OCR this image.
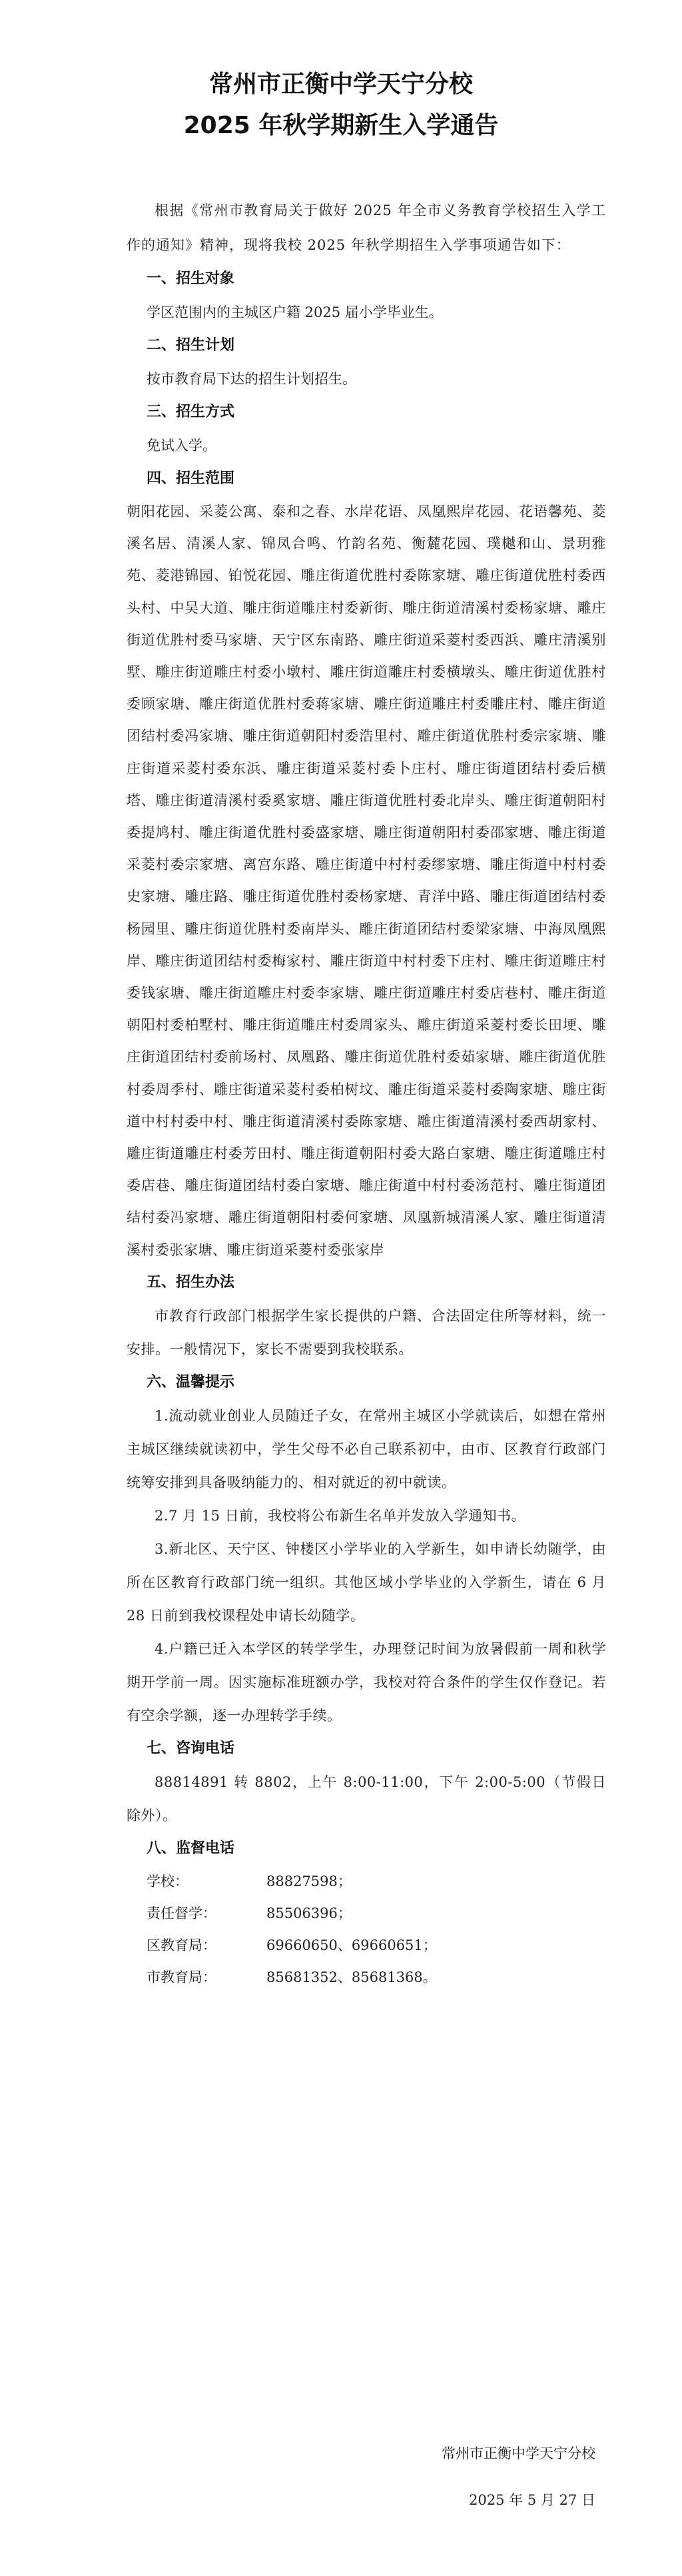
常州市正衡中学天宁分校
2025 年秋学期新生入学通告

根据《常州市教育局关于做好 2025 年全市义务教育学校招生入学工作的通知》精神，现将我校 2025 年秋学期招生入学事项通告如下：

一、招生对象

学区范围内的主城区户籍 2025 届小学毕业生。

二、招生计划

按市教育局下达的招生计划招生。

三、招生方式

免试入学。

四、招生范围

朝阳花园、采菱公寓、泰和之春、水岸花语、凤凰熙岸花园、花语馨苑、菱溪名居、清溪人家、锦凤合鸣、竹韵名苑、衡麓花园、璞樾和山、景玥雅苑、菱港锦园、铂悦花园、雕庄街道优胜村委陈家塘、雕庄街道优胜村委西头村、中吴大道、雕庄街道雕庄村委新街、雕庄街道清溪村委杨家塘、雕庄街道优胜村委马家塘、天宁区东南路、雕庄街道采菱村委西浜、雕庄清溪别墅、雕庄街道雕庄村委小墩村、雕庄街道雕庄村委横墩头、雕庄街道优胜村委顾家塘、雕庄街道优胜村委蒋家塘、雕庄街道雕庄村委雕庄村、雕庄街道团结村委冯家塘、雕庄街道朝阳村委浩里村、雕庄街道优胜村委宗家塘、雕庄街道采菱村委东浜、雕庄街道采菱村委卜庄村、雕庄街道团结村委后横塔、雕庄街道清溪村委奚家塘、雕庄街道优胜村委北岸头、雕庄街道朝阳村委提鸠村、雕庄街道优胜村委盛家塘、雕庄街道朝阳村委邵家塘、雕庄街道采菱村委宗家塘、离宫东路、雕庄街道中村村委缪家塘、雕庄街道中村村委史家塘、雕庄路、雕庄街道优胜村委杨家塘、青洋中路、雕庄街道团结村委杨园里、雕庄街道优胜村委南岸头、雕庄街道团结村委梁家塘、中海凤凰熙岸、雕庄街道团结村委梅家村、雕庄街道中村村委下庄村、雕庄街道雕庄村委钱家塘、雕庄街道雕庄村委李家塘、雕庄街道雕庄村委店巷村、雕庄街道朝阳村委柏墅村、雕庄街道雕庄村委周家头、雕庄街道采菱村委长田埂、雕庄街道团结村委前场村、凤凰路、雕庄街道优胜村委茹家塘、雕庄街道优胜村委周季村、雕庄街道采菱村委柏树坟、雕庄街道采菱村委陶家塘、雕庄街道中村村委中村、雕庄街道清溪村委陈家塘、雕庄街道清溪村委西胡家村、雕庄街道雕庄村委芳田村、雕庄街道朝阳村委大路白家塘、雕庄街道雕庄村委店巷、雕庄街道团结村委白家塘、雕庄街道中村村委汤范村、雕庄街道团结村委冯家塘、雕庄街道朝阳村委何家塘、凤凰新城清溪人家、雕庄街道清溪村委张家塘、雕庄街道采菱村委张家岸

五、招生办法

市教育行政部门根据学生家长提供的户籍、合法固定住所等材料，统一安排。一般情况下，家长不需要到我校联系。

六、温馨提示

1.流动就业创业人员随迁子女，在常州主城区小学就读后，如想在常州主城区继续就读初中，学生父母不必自己联系初中，由市、区教育行政部门统筹安排到具备吸纳能力的、相对就近的初中就读。

2.7 月 15 日前，我校将公布新生名单并发放入学通知书。

3.新北区、天宁区、钟楼区小学毕业的入学新生，如申请长幼随学，由所在区教育行政部门统一组织。其他区域小学毕业的入学新生，请在 6 月 28 日前到我校课程处申请长幼随学。

4.户籍已迁入本学区的转学学生，办理登记时间为放暑假前一周和秋学期开学前一周。因实施标准班额办学，我校对符合条件的学生仅作登记。若有空余学额，逐一办理转学手续。

七、咨询电话

88814891 转 8802，上午 8:00-11:00，下午 2:00-5:00（节假日除外）。

八、监督电话

学校：	88827598；
责任督学：	85506396；
区教育局：	69660650、69660651；
市教育局：	85681352、85681368。
常州市正衡中学天宁分校
2025 年 5 月 27 日
